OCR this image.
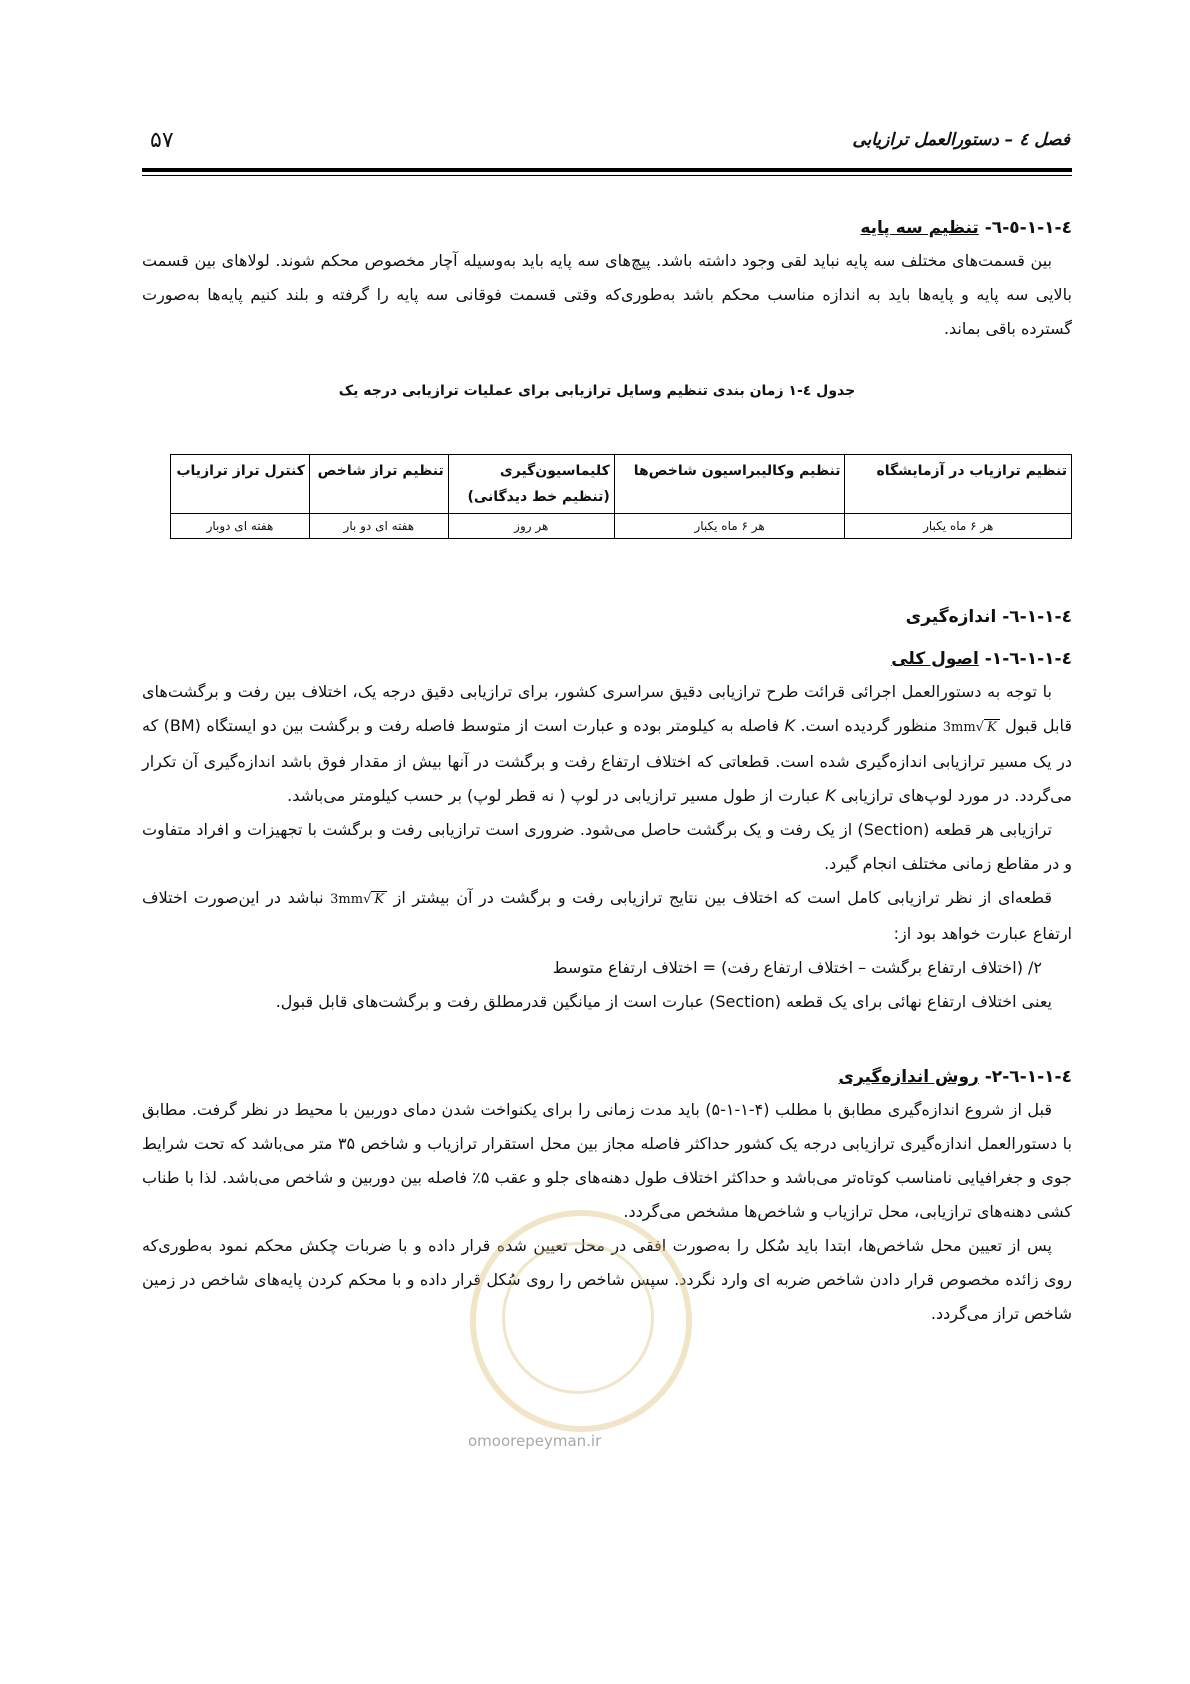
۵۷	فصل ٤ – دستورالعمل ترازیابی
٤-١-١-٥-٦- تنظیم سه پایه

بین قسمت‌های مختلف سه پایه نباید لقی وجود داشته باشد. پیچ‌های سه پایه باید به‌وسیله آچار مخصوص محکم شوند. لولاهای بین قسمت بالایی سه پایه و پایه‌ها باید به اندازه مناسب محکم باشد به‌طوری‌که وقتی قسمت فوقانی سه پایه را گرفته و بلند کنیم پایه‌ها به‌صورت گسترده باقی بماند.

جدول ٤-١ زمان بندی تنظیم وسایل ترازیابی برای عملیات ترازیابی درجه یک

تنظیم ترازیاب در آزمایشگاه	تنظیم وکالیبراسیون شاخص‌ها	کلیماسیون‌گیری (تنظیم خط دیدگانی)	تنظیم تراز شاخص	کنترل تراز ترازیاب
هر ۶ ماه یکبار	هر ۶ ماه یکبار	هر روز	هفته ای دو بار	هفته ای دوبار
٤-١-١-٦- اندازه‌گیری
٤-١-١-٦-١- اصول کلی

با توجه به دستورالعمل اجرائی قرائت طرح ترازیابی دقیق سراسری کشور، برای ترازیابی دقیق درجه یک، اختلاف بین رفت و برگشت‌های قابل قبول 3mm√ K منظور گردیده است. K فاصله به کیلومتر بوده و عبارت است از متوسط فاصله رفت و برگشت بین دو ایستگاه (BM) که در یک مسیر ترازیابی اندازه‌گیری شده است. قطعاتی که اختلاف ارتفاع رفت و برگشت در آنها بیش از مقدار فوق باشد اندازه‌گیری آن تکرار می‌گردد. در مورد لوپ‌های ترازیابی K عبارت از طول مسیر ترازیابی در لوپ ( نه قطر لوپ) بر حسب کیلومتر می‌باشد.

ترازیابی هر قطعه (Section) از یک رفت و یک برگشت حاصل می‌شود. ضروری است ترازیابی رفت و برگشت با تجهیزات و افراد متفاوت و در مقاطع زمانی مختلف انجام گیرد.

قطعه‌ای از نظر ترازیابی کامل است که اختلاف بین نتایج ترازیابی رفت و برگشت در آن بیشتر از 3mm√ K نباشد در این‌صورت اختلاف ارتفاع عبارت خواهد بود از:

۲/ (اختلاف ارتفاع برگشت – اختلاف ارتفاع رفت) = اختلاف ارتفاع متوسط

یعنی اختلاف ارتفاع نهائی برای یک قطعه (Section) عبارت است از میانگین قدرمطلق رفت و برگشت‌های قابل قبول.

٤-١-١-٦-٢- روش اندازه‌گیری

قبل از شروع اندازه‌گیری مطابق با مطلب (۴-۱-۱-۵) باید مدت زمانی را برای یکنواخت شدن دمای دوربین با محیط در نظر گرفت. مطابق با دستورالعمل اندازه‌گیری ترازیابی درجه یک کشور حداکثر فاصله مجاز بین محل استقرار ترازیاب و شاخص ۳۵ متر می‌باشد که تحت شرایط جوی و جغرافیایی نامناسب کوتاه‌تر می‌باشد و حداکثر اختلاف طول دهنه‌های جلو و عقب ۵٪ فاصله بین دوربین و شاخص می‌باشد. لذا با طناب کشی دهنه‌های ترازیابی، محل ترازیاب و شاخص‌ها مشخص می‌گردد.

پس از تعیین محل شاخص‌ها، ابتدا باید سُکل را به‌صورت افقی در محل تعیین شده قرار داده و با ضربات چکش محکم نمود به‌طوری‌که روی زائده مخصوص قرار دادن شاخص ضربه ای وارد نگردد. سپس شاخص را روی سُکل قرار داده و با محکم کردن پایه‌های شاخص در زمین شاخص تراز می‌گردد.

omoorepeyman.ir
